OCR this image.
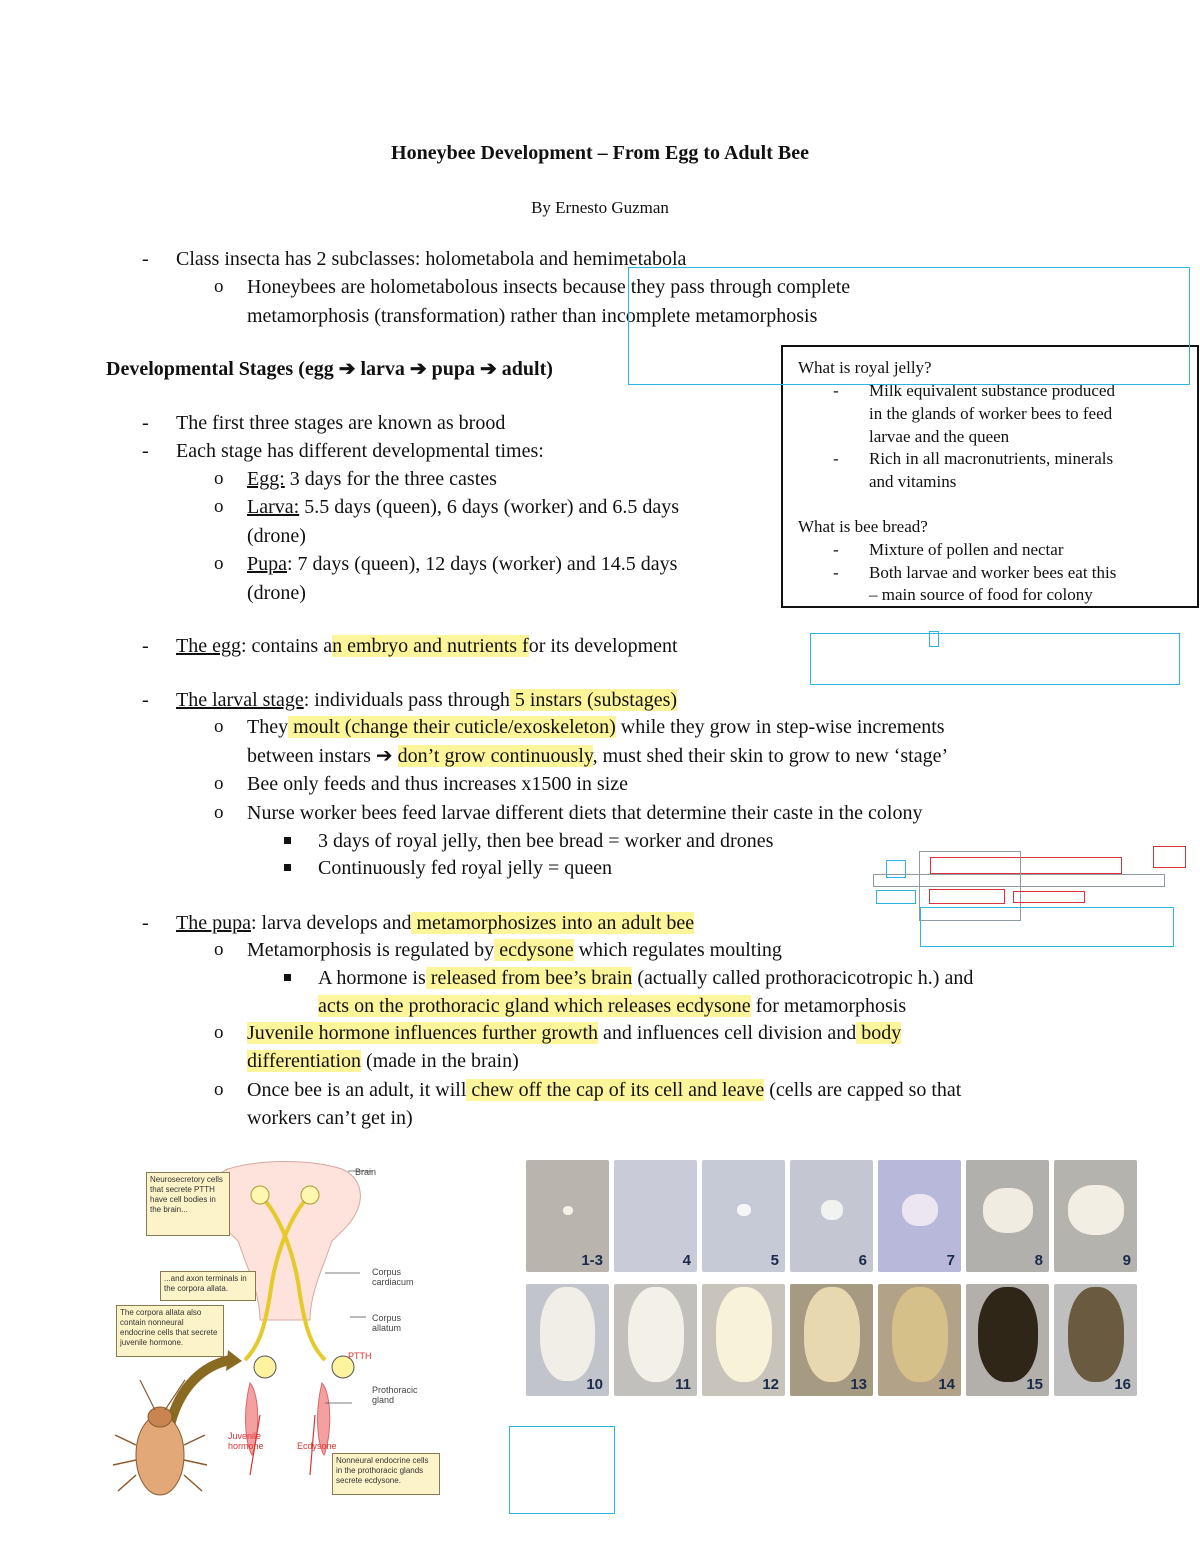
Honeybee Development – From Egg to Adult Bee
By Ernesto Guzman
- Class insecta has 2 subclasses: holometabola and hemimetabola
o Honeybees are holometabolous insects because they pass through complete
metamorphosis (transformation) rather than incomplete metamorphosis
Developmental Stages (egg ➔ larva ➔ pupa ➔ adult)
- The first three stages are known as brood
- Each stage has different developmental times:
o Egg: 3 days for the three castes
o Larva: 5.5 days (queen), 6 days (worker) and 6.5 days
(drone)
o Pupa: 7 days (queen), 12 days (worker) and 14.5 days
(drone)
- The egg: contains an embryo and nutrients for its development
- The larval stage: individuals pass through 5 instars (substages)
o They moult (change their cuticle/exoskeleton) while they grow in step-wise increments
between instars ➔ don’t grow continuously, must shed their skin to grow to new ‘stage’
o Bee only feeds and thus increases x1500 in size
o Nurse worker bees feed larvae different diets that determine their caste in the colony
3 days of royal jelly, then bee bread = worker and drones
Continuously fed royal jelly = queen
- The pupa: larva develops and metamorphosizes into an adult bee
o Metamorphosis is regulated by ecdysone which regulates moulting
A hormone is released from bee’s brain (actually called prothoracicotropic h.) and
acts on the prothoracic gland which releases ecdysone for metamorphosis
o Juvenile hormone influences further growth and influences cell division and body
differentiation (made in the brain)
o Once bee is an adult, it will chew off the cap of its cell and leave (cells are capped so that
workers can’t get in)
What is royal jelly?
- Milk equivalent substance produced
in the glands of worker bees to feed
larvae and the queen
- Rich in all macronutrients, minerals
and vitamins
What is bee bread?
- Mixture of pollen and nectar
- Both larvae and worker bees eat this
– main source of food for colony
Brain
Corpus cardiacum
Corpus allatum
PTTH
Prothoracic gland
Juvenile hormone	Ecdysone
Neurosecretory cells that secrete PTTH have cell bodies in the brain...
...and axon terminals in the corpora allata.
The corpora allata also contain nonneural endocrine cells that secrete juvenile hormone.
Nonneural endocrine cells in the prothoracic glands secrete ecdysone.
1-3	4	5	6	7	8	9
10	11	12	13	14	15	16
